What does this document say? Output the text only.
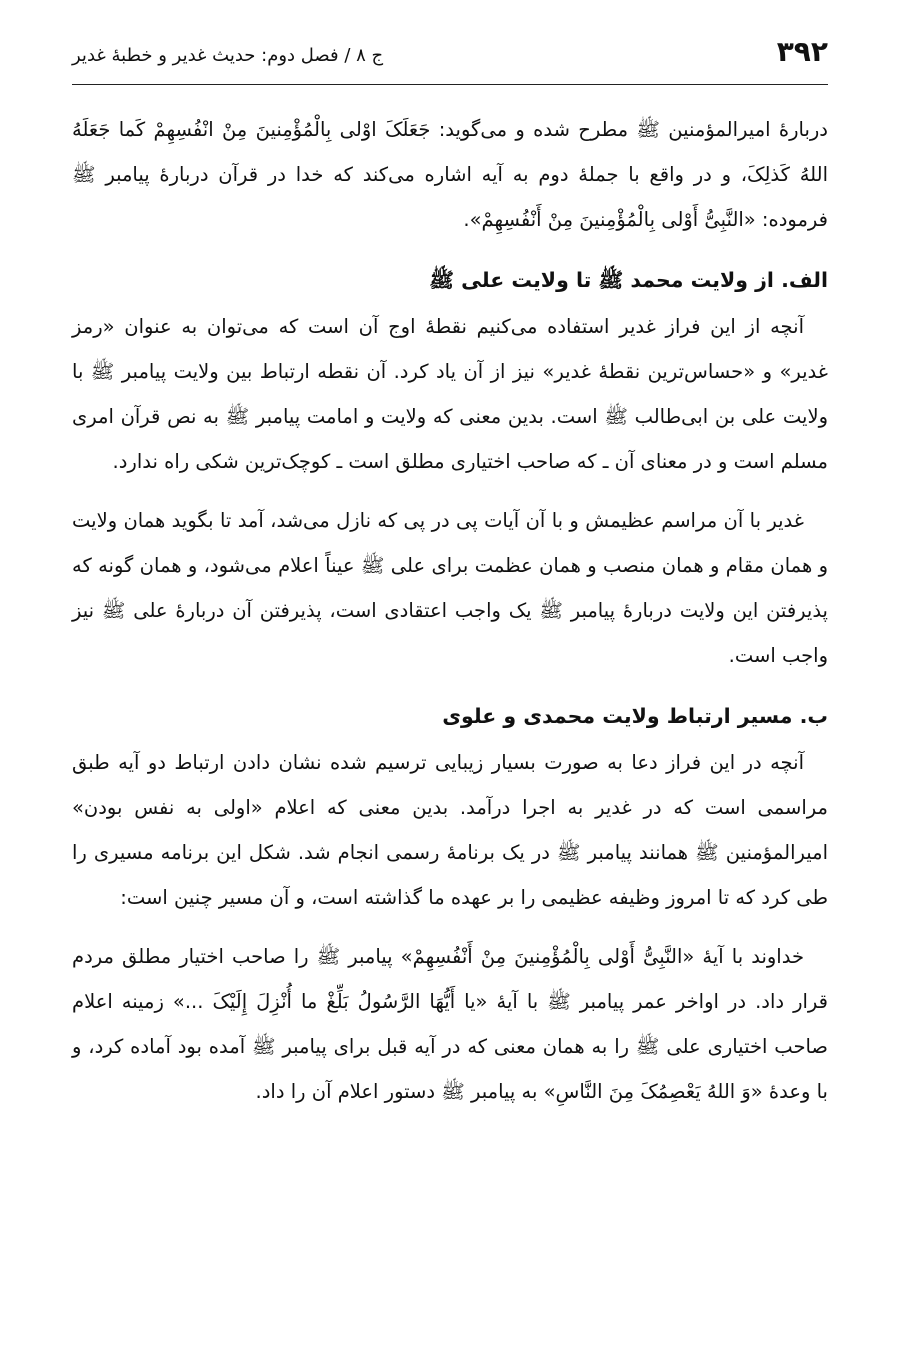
۳۹۲
ج ۸ / فصل دوم: حدیث غدیر و خطبهٔ غدیر

دربارهٔ امیرالمؤمنین ﷺ مطرح شده و می‌گوید: جَعَلَکَ اوْلی بِالْمُؤْمِنینَ مِنْ انْفُسِهِمْ کَما جَعَلَهُ اللهُ کَذلِکَ، و در واقع با جملهٔ دوم به آیه اشاره می‌کند که خدا در قرآن دربارهٔ پیامبر ﷺ فرموده: «النَّبِیُّ أَوْلی بِالْمُؤْمِنینَ مِنْ أَنْفُسِهِمْ».

الف. از ولایت محمد ﷺ تا ولایت علی ﷺ

آنچه از این فراز غدیر استفاده می‌کنیم نقطهٔ اوج آن است که می‌توان به عنوان «رمز غدیر» و «حساس‌ترین نقطهٔ غدیر» نیز از آن یاد کرد. آن نقطه ارتباط بین ولایت پیامبر ﷺ با ولایت علی بن ابی‌طالب ﷺ است. بدین معنی که ولایت و امامت پیامبر ﷺ به نص قرآن امری مسلم است و در معنای آن ـ که صاحب اختیاری مطلق است ـ کوچک‌ترین شکی راه ندارد.

غدیر با آن مراسم عظیمش و با آن آیات پی در پی که نازل می‌شد، آمد تا بگوید همان ولایت و همان مقام و همان منصب و همان عظمت برای علی ﷺ عیناً اعلام می‌شود، و همان گونه که پذیرفتن این ولایت دربارهٔ پیامبر ﷺ یک واجب اعتقادی است، پذیرفتن آن دربارهٔ علی ﷺ نیز واجب است.

ب. مسیر ارتباط ولایت محمدی و علوی

آنچه در این فراز دعا به صورت بسیار زیبایی ترسیم شده نشان دادن ارتباط دو آیه طبق مراسمی است که در غدیر به اجرا درآمد. بدین معنی که اعلام «اولی به نفس بودن» امیرالمؤمنین ﷺ همانند پیامبر ﷺ در یک برنامهٔ رسمی انجام شد. شکل این برنامه مسیری را طی کرد که تا امروز وظیفه عظیمی را بر عهده ما گذاشته است، و آن مسیر چنین است:

خداوند با آیهٔ «النَّبِیُّ أَوْلی بِالْمُؤْمِنینَ مِنْ أَنْفُسِهِمْ» پیامبر ﷺ را صاحب اختیار مطلق مردم قرار داد. در اواخر عمر پیامبر ﷺ با آیهٔ «یا أَیُّهَا الرَّسُولُ بَلِّغْ ما أُنْزِلَ إِلَیْکَ ...» زمینه اعلام صاحب اختیاری علی ﷺ را به همان معنی که در آیه قبل برای پیامبر ﷺ آمده بود آماده کرد، و با وعدهٔ «وَ اللهُ یَعْصِمُکَ مِنَ النَّاسِ» به پیامبر ﷺ دستور اعلام آن را داد.
